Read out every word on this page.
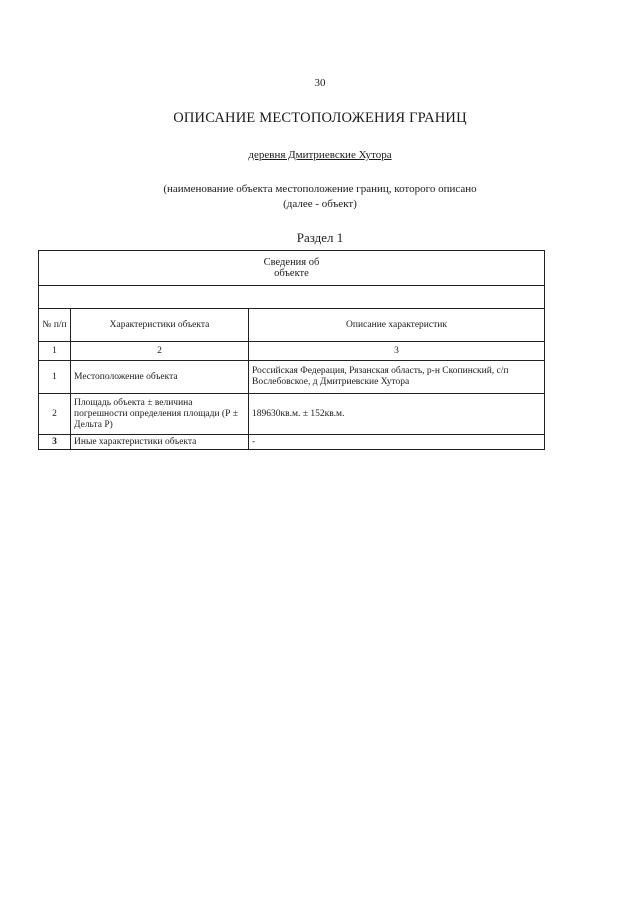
30
ОПИСАНИЕ МЕСТОПОЛОЖЕНИЯ ГРАНИЦ
деревня Дмитриевские Хутора
(наименование объекта местоположение границ, которого описано
(далее - объект)
Раздел 1
Сведения об
объекте		

№ п/п	Характеристики объекта	Описание характеристик
1	2	3
1	Местоположение объекта	Российская Федерация, Рязанская область, р-н Скопинский, с/п Вослебовское, д Дмитриевские Хутора
2	Площадь объекта ± величина погрешности определения площади (Р ± Дельта Р)	189630кв.м. ± 152кв.м.
3	Иные характеристики объекта	-
